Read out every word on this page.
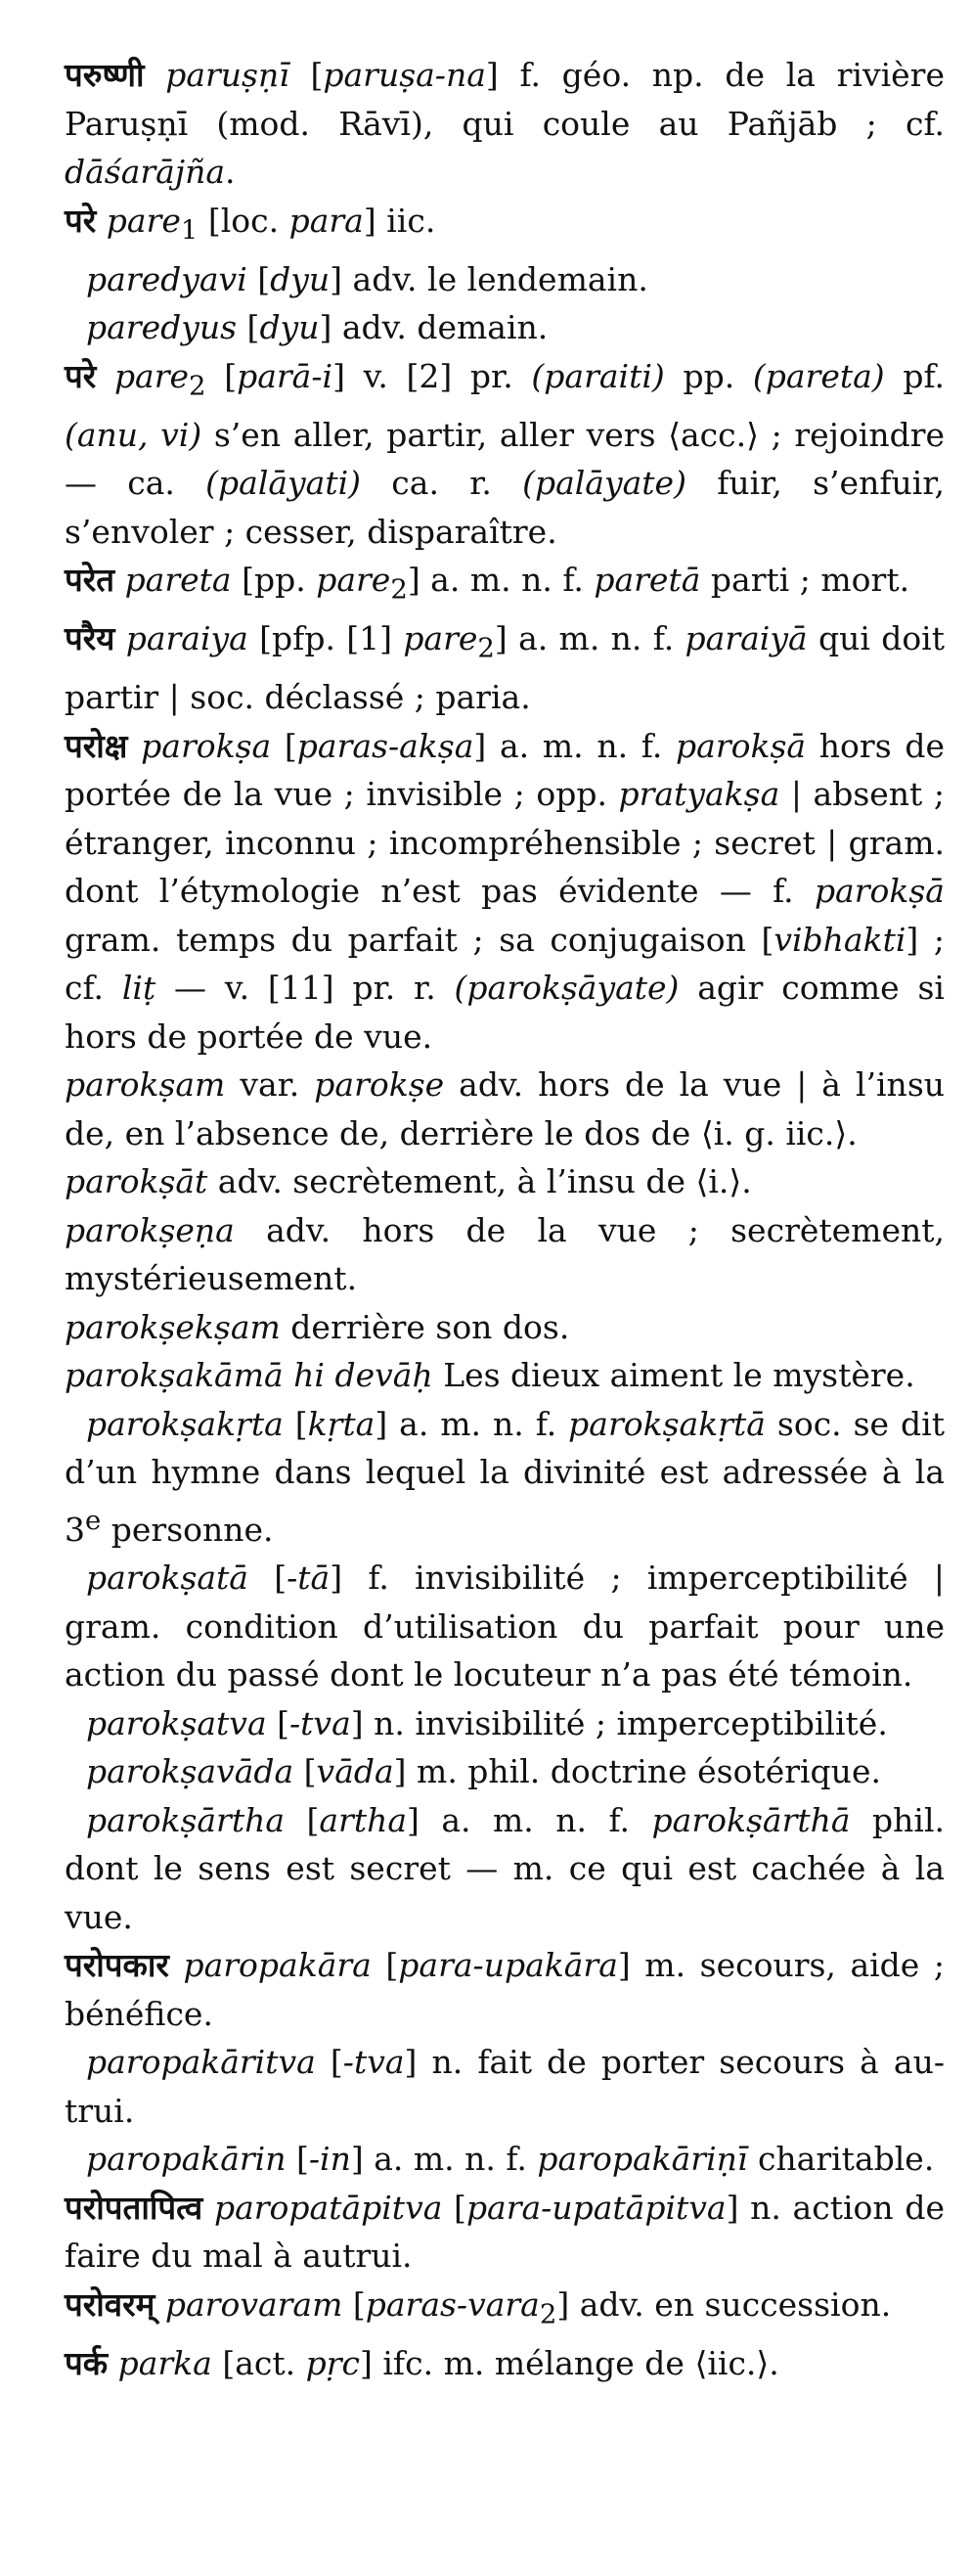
परुष्णी paruṣṇī [paruṣa-na] f. géo. np. de la rivière Paruṣṇī (mod. Rāvī), qui coule au Pañjāb ; cf. dāśarājña.

परे pare$_1$ [loc. para] iic.

paredyavi [dyu] adv. le lendemain.

paredyus [dyu] adv. demain.

परे pare$_2$ [parā-i] v. [2] pr. (paraiti) pp. (pareta) pf. (anu, vi) s’en aller, partir, aller vers ⟨acc.⟩ ; rejoindre — ca. (palāyati) ca. r. (palāyate) fuir, s’enfuir, s’envoler ; cesser, disparaître.

परेत pareta [pp. pare$_2$] a. m. n. f. paretā parti ; mort.

परैय paraiya [pfp. [1] pare$_2$] a. m. n. f. paraiyā qui doit partir | soc. déclassé ; paria.

परोक्ष parokṣa [paras-akṣa] a. m. n. f. parokṣā hors de portée de la vue ; invisible ; opp. pratyakṣa | absent ; étranger, inconnu ; incompréhensible ; secret | gram. dont l’étymologie n’est pas évidente — f. parokṣā gram. temps du parfait ; sa conjugaison [vibhakti] ; cf. liṭ — v. [11] pr. r. (parokṣāyate) agir comme si hors de portée de vue.

parokṣam var. parokṣe adv. hors de la vue | à l’insu de, en l’absence de, derrière le dos de ⟨i. g. iic.⟩.

parokṣāt adv. secrètement, à l’insu de ⟨i.⟩.

parokṣeṇa adv. hors de la vue ; secrètement, mystérieusement.

parokṣekṣam derrière son dos.

parokṣakāmā hi devāḥ Les dieux aiment le mystère.

parokṣakṛta [kṛta] a. m. n. f. parokṣakṛtā soc. se dit d’un hymne dans lequel la divinité est adressée à la 3e personne.

parokṣatā [-tā] f. invisibilité ; imperceptibilité | gram. condition d’utilisation du parfait pour une action du passé dont le locuteur n’a pas été témoin.

parokṣatva [-tva] n. invisibilité ; imperceptibilité.

parokṣavāda [vāda] m. phil. doctrine ésotérique.

parokṣārtha [artha] a. m. n. f. parokṣārthā phil. dont le sens est secret — m. ce qui est cachée à la vue.

परोपकार paropakāra [para-upakāra] m. secours, aide ; bénéfice.

paropakāritva [-tva] n. fait de porter secours à autrui.

paropakārin [-in] a. m. n. f. paropakāriṇī charitable.

परोपतापित्व paropatāpitva [para-upatāpitva] n. action de faire du mal à autrui.

परोवरम् parovaram [paras-vara$_2$] adv. en succession.

पर्क parka [act. pṛc] ifc. m. mélange de ⟨iic.⟩.
